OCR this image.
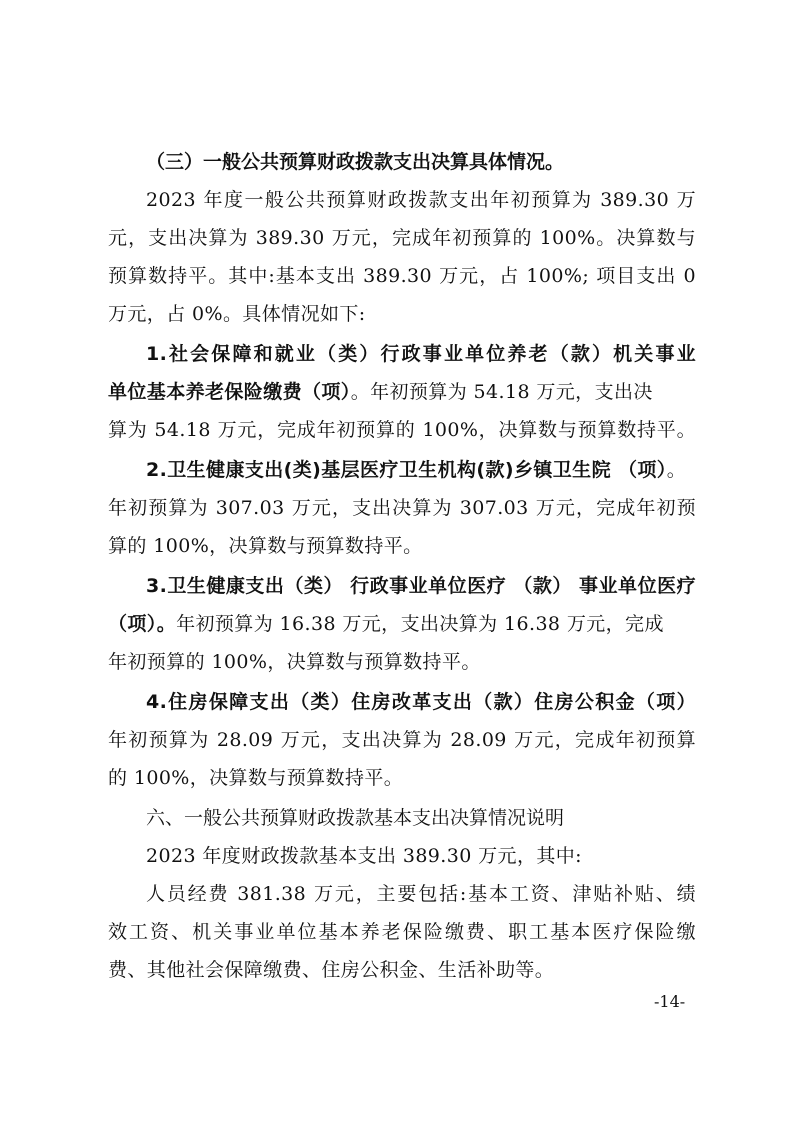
（三）一般公共预算财政拨款支出决算具体情况。
2023 年度一般公共预算财政拨款支出年初预算为 389.30 万
元，支出决算为 389.30 万元，完成年初预算的 100%。决算数与
预算数持平。其中:基本支出 389.30 万元，占 100%; 项目支出 0
万元，占 0%。具体情况如下:
1.社会保障和就业（类）行政事业单位养老（款）机关事业
单位基本养老保险缴费（项）。年初预算为 54.18 万元，支出决
算为 54.18 万元，完成年初预算的 100%，决算数与预算数持平。
2.卫生健康支出(类)基层医疗卫生机构(款)乡镇卫生院 （项）。
年初预算为 307.03 万元，支出决算为 307.03 万元，完成年初预
算的 100%，决算数与预算数持平。
3.卫生健康支出（类） 行政事业单位医疗 （款） 事业单位医疗
（项）。年初预算为 16.38 万元，支出决算为 16.38 万元，完成
年初预算的 100%，决算数与预算数持平。
4.住房保障支出（类）住房改革支出（款）住房公积金（项）
年初预算为 28.09 万元，支出决算为 28.09 万元，完成年初预算
的 100%，决算数与预算数持平。
六、一般公共预算财政拨款基本支出决算情况说明
2023 年度财政拨款基本支出 389.30 万元，其中:
人员经费 381.38 万元，主要包括:基本工资、津贴补贴、绩
效工资、机关事业单位基本养老保险缴费、职工基本医疗保险缴
费、其他社会保障缴费、住房公积金、生活补助等。
-14-
